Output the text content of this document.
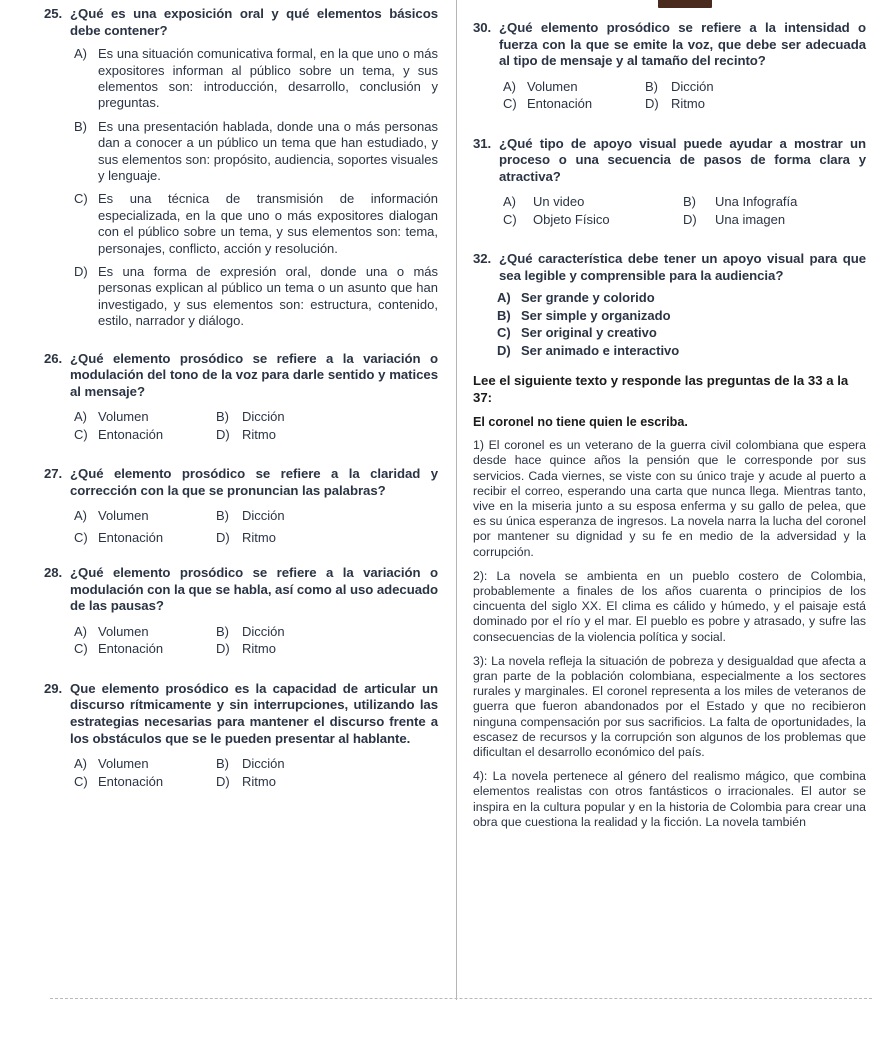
25. ¿Qué es una exposición oral y qué elementos básicos debe contener?
A) Es una situación comunicativa formal, en la que uno o más expositores informan al público sobre un tema, y sus elementos son: introducción, desarrollo, conclusión y preguntas.
B) Es una presentación hablada, donde una o más personas dan a conocer a un público un tema que han estudiado, y sus elementos son: propósito, audiencia, soportes visuales y lenguaje.
C) Es una técnica de transmisión de información especializada, en la que uno o más expositores dialogan con el público sobre un tema, y sus elementos son: tema, personajes, conflicto, acción y resolución.
D) Es una forma de expresión oral, donde una o más personas explican al público un tema o un asunto que han investigado, y sus elementos son: estructura, contenido, estilo, narrador y diálogo.
26. ¿Qué elemento prosódico se refiere a la variación o modulación del tono de la voz para darle sentido y matices al mensaje?
A) Volumen	B)	Dicción
C) Entonación	D) Ritmo
27. ¿Qué elemento prosódico se refiere a la claridad y corrección con la que se pronuncian las palabras?
A) Volumen	B)	Dicción
C) Entonación	D) Ritmo
28. ¿Qué elemento prosódico se refiere a la variación o modulación con la que se habla, así como al uso adecuado de las pausas?
A) Volumen	B)	Dicción
C) Entonación	D) Ritmo
29. Que elemento prosódico es la capacidad de articular un discurso rítmicamente y sin interrupciones, utilizando las estrategias necesarias para mantener el discurso frente a los obstáculos que se le pueden presentar al hablante.
A) Volumen	B)	Dicción
C) Entonación	D) Ritmo
30. ¿Qué elemento prosódico se refiere a la intensidad o fuerza con la que se emite la voz, que debe ser adecuada al tipo de mensaje y al tamaño del recinto?
A) Volumen	B)	Dicción
C) Entonación	D) Ritmo
31. ¿Qué tipo de apoyo visual puede ayudar a mostrar un proceso o una secuencia de pasos de forma clara y atractiva?
A)	Un video	B)	Una Infografía
C)	Objeto Físico	D)	Una imagen
32. ¿Qué característica debe tener un apoyo visual para que sea legible y comprensible para la audiencia?
A) Ser grande y colorido
B) Ser simple y organizado
C) Ser original y creativo
D) Ser animado e interactivo
Lee el siguiente texto y responde las preguntas de la 33 a la 37:
El coronel no tiene quien le escriba.
1) El coronel es un veterano de la guerra civil colombiana que espera desde hace quince años la pensión que le corresponde por sus servicios. Cada viernes, se viste con su único traje y acude al puerto a recibir el correo, esperando una carta que nunca llega. Mientras tanto, vive en la miseria junto a su esposa enferma y su gallo de pelea, que es su única esperanza de ingresos. La novela narra la lucha del coronel por mantener su dignidad y su fe en medio de la adversidad y la corrupción.
2): La novela se ambienta en un pueblo costero de Colombia, probablemente a finales de los años cuarenta o principios de los cincuenta del siglo XX. El clima es cálido y húmedo, y el paisaje está dominado por el río y el mar. El pueblo es pobre y atrasado, y sufre las consecuencias de la violencia política y social.
3): La novela refleja la situación de pobreza y desigualdad que afecta a gran parte de la población colombiana, especialmente a los sectores rurales y marginales. El coronel representa a los miles de veteranos de guerra que fueron abandonados por el Estado y que no recibieron ninguna compensación por sus sacrificios. La falta de oportunidades, la escasez de recursos y la corrupción son algunos de los problemas que dificultan el desarrollo económico del país.
4): La novela pertenece al género del realismo mágico, que combina elementos realistas con otros fantásticos o irracionales. El autor se inspira en la cultura popular y en la historia de Colombia para crear una obra que cuestiona la realidad y la ficción. La novela también
